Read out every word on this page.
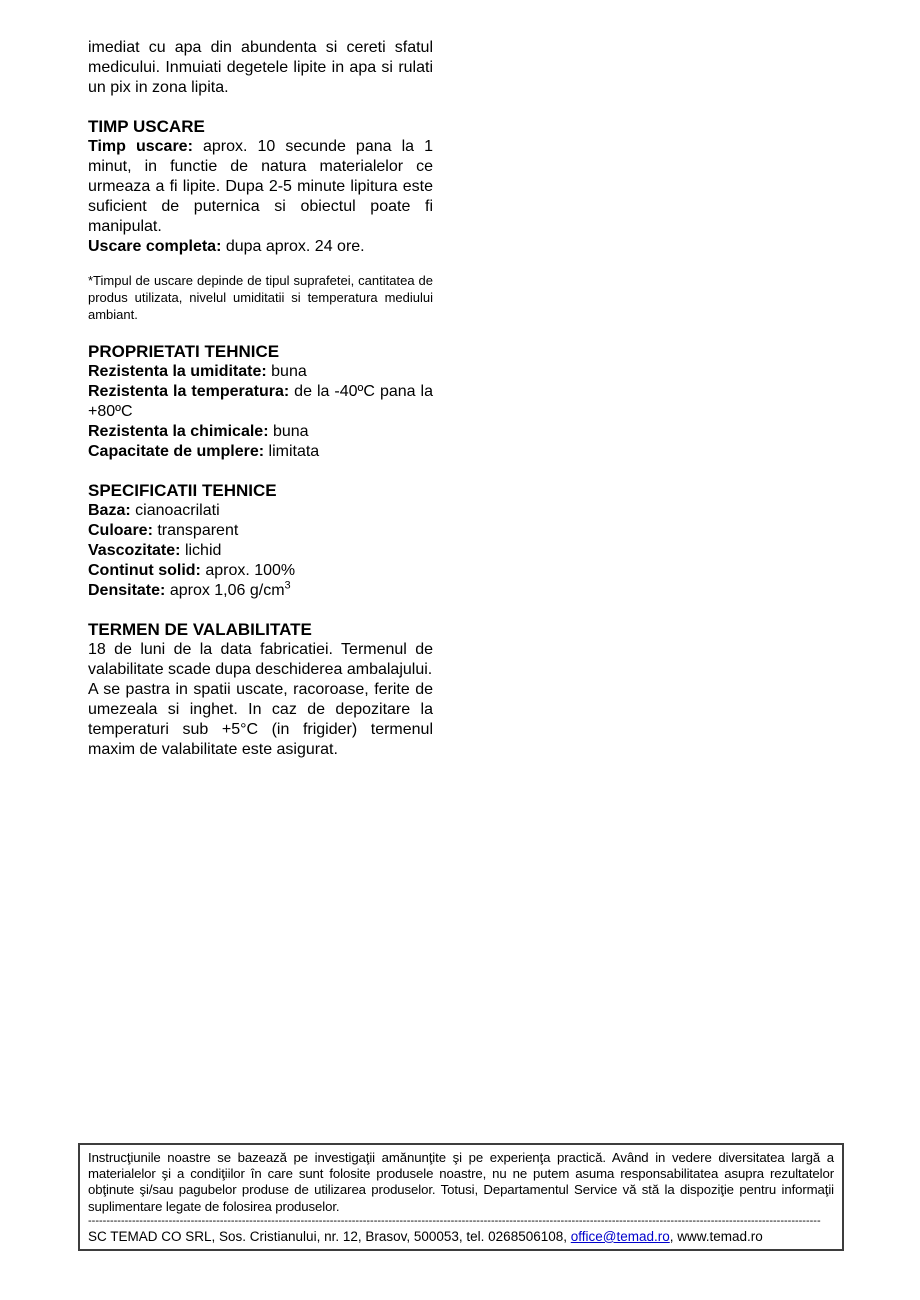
imediat cu apa din abundenta si cereti sfatul medicului. Inmuiati degetele lipite in apa si rulati un pix in zona lipita.
TIMP USCARE
Timp uscare: aprox. 10 secunde pana la 1 minut, in functie de natura materialelor ce urmeaza a fi lipite. Dupa 2-5 minute lipitura este suficient de puternica si obiectul poate fi manipulat.
Uscare completa: dupa aprox. 24 ore.
*Timpul de uscare depinde de tipul suprafetei, cantitatea de produs utilizata, nivelul umiditatii si temperatura mediului ambiant.
PROPRIETATI TEHNICE
Rezistenta la umiditate: buna
Rezistenta la temperatura: de la -40ºC pana la +80ºC
Rezistenta la chimicale: buna
Capacitate de umplere: limitata
SPECIFICATII TEHNICE
Baza: cianoacrilati
Culoare: transparent
Vascozitate: lichid
Continut solid: aprox. 100%
Densitate: aprox 1,06 $g/cm^3$
TERMEN DE VALABILITATE
18 de luni de la data fabricatiei. Termenul de valabilitate scade dupa deschiderea ambalajului.
A se pastra in spatii uscate, racoroase, ferite de umezeala si inghet. In caz de depozitare la temperaturi sub +5°C (in frigider) termenul maxim de valabilitate este asigurat.
Instrucţiunile noastre se bazează pe investigaţii amănunţite şi pe experienţa practică. Având in vedere diversitatea largă a materialelor şi a condiţiilor în care sunt folosite produsele noastre, nu ne putem asuma responsabilitatea asupra rezultatelor obţinute şi/sau pagubelor produse de utilizarea produselor. Totusi, Departamentul Service vă stă la dispoziţie pentru informaţii suplimentare legate de folosirea produselor.
--------------------------------------------------------------------------------------------------------------------------------------------------------------------------------------------------------
SC TEMAD CO SRL, Sos. Cristianului, nr. 12, Brasov, 500053, tel. 0268506108, office@temad.ro, www.temad.ro
